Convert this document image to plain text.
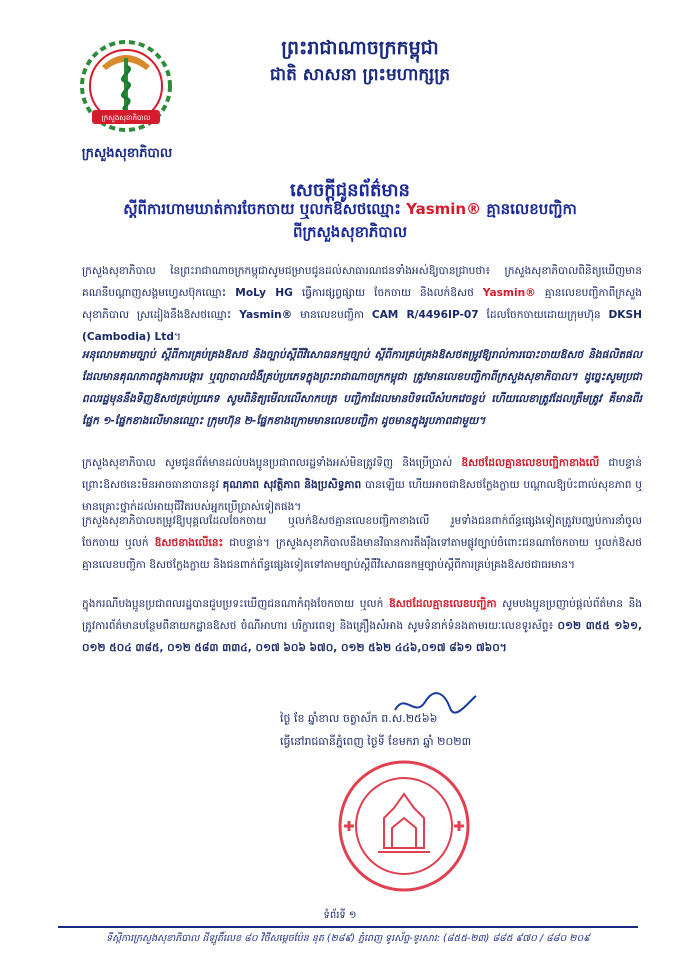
ក្រសួងសុខាភិបាល
ក្រសួងសុខាភិបាល
ព្រះរាជាណាចក្រកម្ពុជា
ជាតិ សាសនា ព្រះមហាក្សត្រ
សេចក្តីជូនព័ត៌មាន
ស្តីពីការហាមឃាត់ការចែកចាយ ឬលក់ឱសថឈ្មោះ Yasmin® គ្មានលេខបញ្ជិកា
ពីក្រសួងសុខាភិបាល
ក្រសួងសុខាភិបាល នៃព្រះរាជាណាចក្រកម្ពុជាសូមជម្រាបជូនដល់សាធារណជនទាំងអស់ឱ្យបានជ្រាបថា៖ ក្រសួងសុខាភិបាលពិនិត្យឃើញមានគណនីបណ្តាញសង្គមហ្វេសប៊ុកឈ្មោះ MoLy HG ធ្វើការផ្សព្វផ្សាយ ចែកចាយ និងលក់ឱសថ Yasmin® គ្មានលេខបញ្ជិកាពីក្រសួងសុខាភិបាល ស្រដៀងនឹងឱសថឈ្មោះ Yasmin® មានលេខបញ្ជិកា CAM R/4496IP-07 ដែលចែកចាយដោយក្រុមហ៊ុន DKSH (Cambodia) Ltd។
អនុលោមតាមច្បាប់ ស្តីពីការគ្រប់គ្រងឱសថ និងច្បាប់ស្តីពីវិសោធនកម្មច្បាប់ ស្តីពីការគ្រប់គ្រងឱសថតម្រូវឱ្យរាល់ការបោះចាយឱសថ និងផលិតផលដែលមានគុណភាពក្នុងការបង្ការ ឬព្យាបាលជំងឺគ្រប់ប្រភេទក្នុងព្រះរាជាណាចក្រកម្ពុជា ត្រូវមានលេខបញ្ជិកាពីក្រសួងសុខាភិបាល។ ដូច្នេះសូមប្រជាពលរដ្ឋមុននឹងទិញឱសថគ្រប់ប្រភេទ សូមពិនិត្យមើលលើសាកបត្រ បញ្ជិកាដែលមានបិទលើសំបកវេចខ្ចប់ ហើយលេខាត្រូវដែលត្រឹមត្រូវ គឺមានពីរផ្នែក ១-ផ្នែកខាងលើមានឈ្មោះ ក្រុមហ៊ុន ២-ផ្នែកខាងក្រោមមានលេខបញ្ជិកា ដូចមានក្នុងរូបភាពជាមួយ។
ក្រសួងសុខាភិបាល សូមជូនព័ត៌មានដល់បងប្អូនប្រជាពលរដ្ឋទាំងអស់មិនត្រូវទិញ និងប្រើប្រាស់ ឱសថដែលគ្មានលេខបញ្ជិកាខាងលើ ជាបន្ទាន់ ព្រោះឱសថនេះមិនអាចធានាបាននូវ គុណភាព សុវត្ថិភាព និងប្រសិទ្ធភាព បានឡើយ ហើយអាចជាឱសថក្លែងក្លាយ បណ្តាលឱ្យប៉ះពាល់សុខភាព ឬមានគ្រោះថ្នាក់ដល់អាយុជីវិតរបស់អ្នកប្រើប្រាស់ទៀតផង។
ក្រសួងសុខាភិបាលតម្រូវឱ្យបុគ្គលដែលចែកចាយ ឬលក់ឱសថគ្មានលេខបញ្ជិកាខាងលើ រួមទាំងជនពាក់ព័ន្ធផ្សេងទៀតត្រូវបញ្ឈប់ការនាំចូល ចែកចាយ ឬលក់ ឱសថខាងលើនេះ ជាបន្ទាន់។ ក្រសួងសុខាភិបាលនឹងមានវិធានការតឹងរ៉ឹងទៅតាមផ្លូវច្បាប់ចំពោះជនណាចែកចាយ ឬលក់ឱសថគ្មានលេខបញ្ជិកា ឱសថក្លែងក្លាយ និងជនពាក់ព័ន្ធផ្សេងទៀតទៅតាមច្បាប់ស្តីពីវិសោធនកម្មច្បាប់ស្តីពីការគ្រប់គ្រងឱសថជាធរមាន។
ក្នុងករណីបងប្អូនប្រជាពលរដ្ឋបានជួបប្រទះឃើញជនណាកំពុងចែកចាយ ឬលក់ ឱសថដែលគ្មានលេខបញ្ជិកា សូមបងប្អូនប្រញាប់ផ្តល់ព័ត៌មាន និងត្រូវការព័ត៌មានបន្ថែមពីនាយកដ្ឋានឱសថ ចំណីអាហារ បរិក្ខារពេទ្យ និងគ្រឿងសំអាង សូមទំនាក់ទំនងតាមរយៈលេខទូរស័ព្ទ៖ ០១២ ៣៥៥ ១៦១, ០១២ ៥០៤ ៣៨៥, ០១២ ៥៨៣ ៣៣៤, ០១៧ ៦០៦ ៦៧០, ០១២ ៥៦២ ៤៤៦,០១៧ ៨៦១ ៧៦០។
ថ្ងៃ ខែ ឆ្នាំខាល ចត្វាស័ក ព.ស.២៥៦៦
ធ្វើនៅរាជធានីភ្នំពេញ ថ្ងៃទី ខែមករា ឆ្នាំ ២០២៣
ទំព័រទី ១
ទីស្តីការក្រសួងសុខាភិបាល ដីឡូតិ៍លេខ ៨០ វិថីសម្តេចប៉ែន នុត (២៨៩) ភ្នំពេញ ទូរស័ព្ទ-ទូរសារ: (៨៥៥-២៣) ៨៨៥ ៩៧០ / ៨៨០ ២០៩
